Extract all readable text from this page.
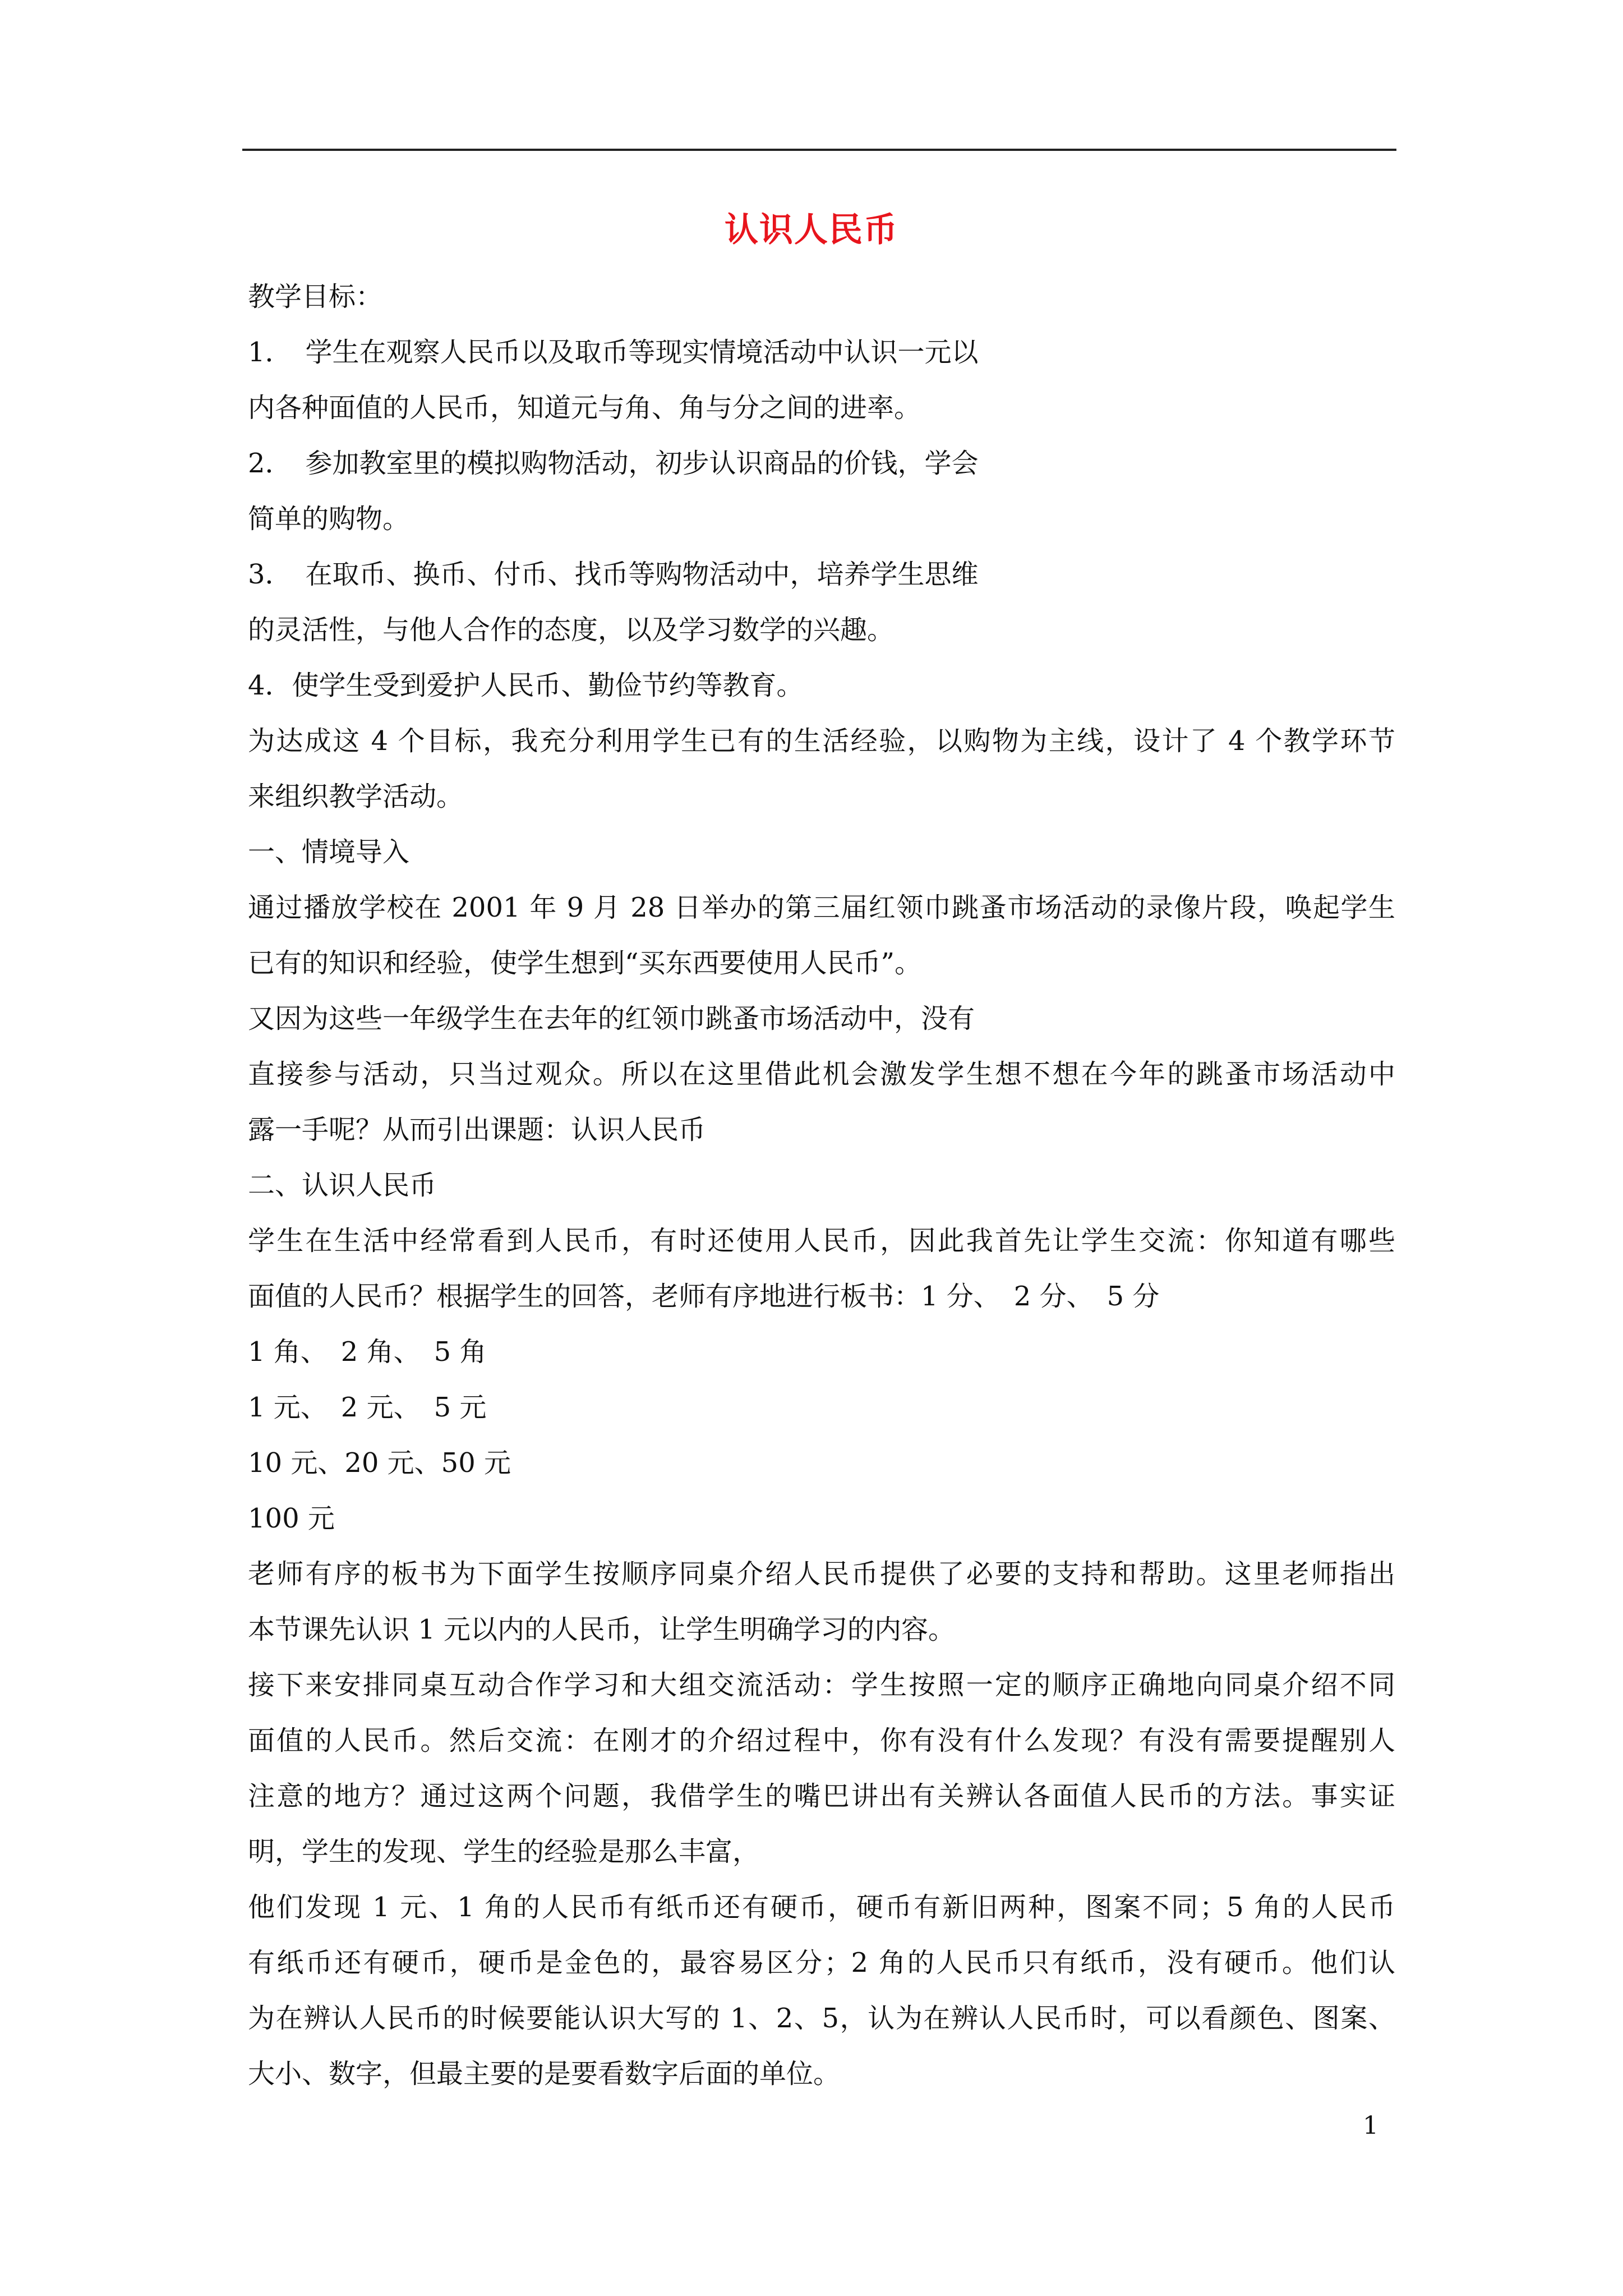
认识人民币
教学目标：
1．　学生在观察人民币以及取币等现实情境活动中认识一元以
内各种面值的人民币，知道元与角、角与分之间的进率。
2．　参加教室里的模拟购物活动，初步认识商品的价钱，学会
简单的购物。
3．　在取币、换币、付币、找币等购物活动中，培养学生思维
的灵活性，与他人合作的态度，以及学习数学的兴趣。
4．使学生受到爱护人民币、勤俭节约等教育。
为达成这 4 个目标，我充分利用学生已有的生活经验，以购物为主线，设计了 4 个教学环节
来组织教学活动。
一、情境导入
通过播放学校在 2001 年 9 月 28 日举办的第三届红领巾跳蚤市场活动的录像片段，唤起学生
已有的知识和经验，使学生想到“买东西要使用人民币”。
又因为这些一年级学生在去年的红领巾跳蚤市场活动中，没有
直接参与活动，只当过观众。所以在这里借此机会激发学生想不想在今年的跳蚤市场活动中
露一手呢？从而引出课题：认识人民币
二、认识人民币
学生在生活中经常看到人民币，有时还使用人民币，因此我首先让学生交流：你知道有哪些
面值的人民币？根据学生的回答，老师有序地进行板书：1 分、　2 分、　5 分
1 角、　2 角、　5 角
1 元、　2 元、　5 元
10 元、20 元、50 元
100 元
老师有序的板书为下面学生按顺序同桌介绍人民币提供了必要的支持和帮助。这里老师指出
本节课先认识 1 元以内的人民币，让学生明确学习的内容。
接下来安排同桌互动合作学习和大组交流活动：学生按照一定的顺序正确地向同桌介绍不同
面值的人民币。然后交流：在刚才的介绍过程中，你有没有什么发现？有没有需要提醒别人
注意的地方？通过这两个问题，我借学生的嘴巴讲出有关辨认各面值人民币的方法。事实证
明，学生的发现、学生的经验是那么丰富，
他们发现 1 元、1 角的人民币有纸币还有硬币，硬币有新旧两种，图案不同；5 角的人民币
有纸币还有硬币，硬币是金色的，最容易区分；2 角的人民币只有纸币，没有硬币。他们认
为在辨认人民币的时候要能认识大写的 1、2、5，认为在辨认人民币时，可以看颜色、图案、
大小、数字，但最主要的是要看数字后面的单位。
1
